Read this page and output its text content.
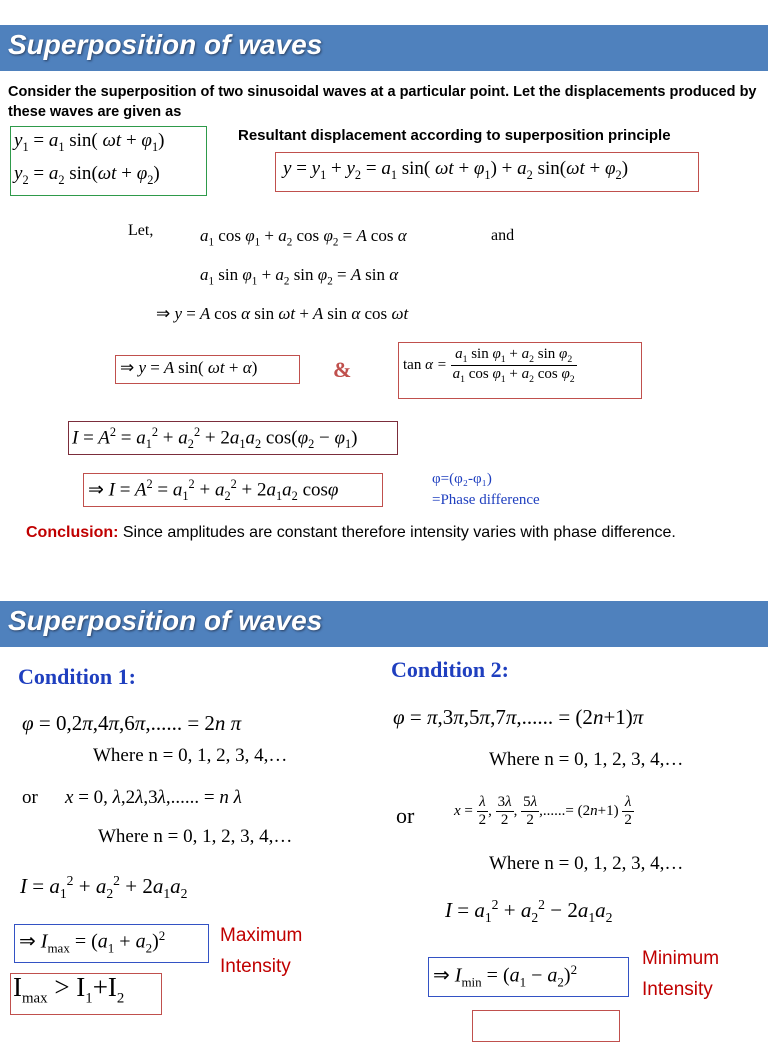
Superposition of waves
Consider the superposition of two sinusoidal waves at a particular point. Let the displacements produced by these waves are given as
$y_1 = a_1$ sin( $\omega t + \varphi_1$)
$y_2 = a_2$ $\sin(\omega t + \varphi_2)$
Resultant displacement according to superposition principle
$y = y_1 + y_2 = a_1$ sin( $\omega t + \varphi_1) + a_2$ $\sin(\omega t + \varphi_2)$
Let,	$a_1$ $\cos \varphi_1 + a_2$ $\cos \varphi_2 = A$ cos α	and
$a_1$ $\sin \varphi_1 + a_2$ $\sin \varphi_2 = A$ sin α
⇒ y = A cos α sin ωt + A sin α cos ωt
⇒ y = A sin( ωt + α)	&	$\tan \alpha = \frac{a_1 \sin \varphi_1 + a_2 \sin \varphi_2}{a_1 \cos \varphi_1 + a_2 \cos \varphi_2}$
$I = A^2 = a_1^2 + a_2^2 + 2a_1a_2$ $\cos(\varphi_2 - \varphi_1)$
⇒ $I = A^2 = a_1^2 + a_2^2 + 2a_1a_2$ cosφ
φ=(φ₂-φ₁)
=Phase difference
Conclusion: Since amplitudes are constant therefore intensity varies with phase difference.
Superposition of waves
Condition 1:	Condition 2:
φ = 0,2π,4π,6π,...... = 2n π
Where n = 0, 1, 2, 3, 4,…
or x = 0, λ,2λ,3λ,...... = n λ
Where n = 0, 1, 2, 3, 4,…
$I = a_1^2 + a_2^2 + 2a_1a_2$
⇒ $I_{max} = (a_1 + a_2)^2$	Maximum
Intensity
$I_{max} > I_1+I_2$
φ = π,3π,5π,7π,...... = (2n+1)π
Where n = 0, 1, 2, 3, 4,…
or	$x = \frac{\lambda}{2}$ , $\frac{3\lambda}{2}$ , $\frac{5\lambda}{2}$ ,......= $(2n+1) \frac{\lambda}{2}$
Where n = 0, 1, 2, 3, 4,…
$I = a_1^2 + a_2^2 - 2a_1a_2$
⇒ $I_{min} = (a_1 - a_2)^2$
Minimum
Intensity
